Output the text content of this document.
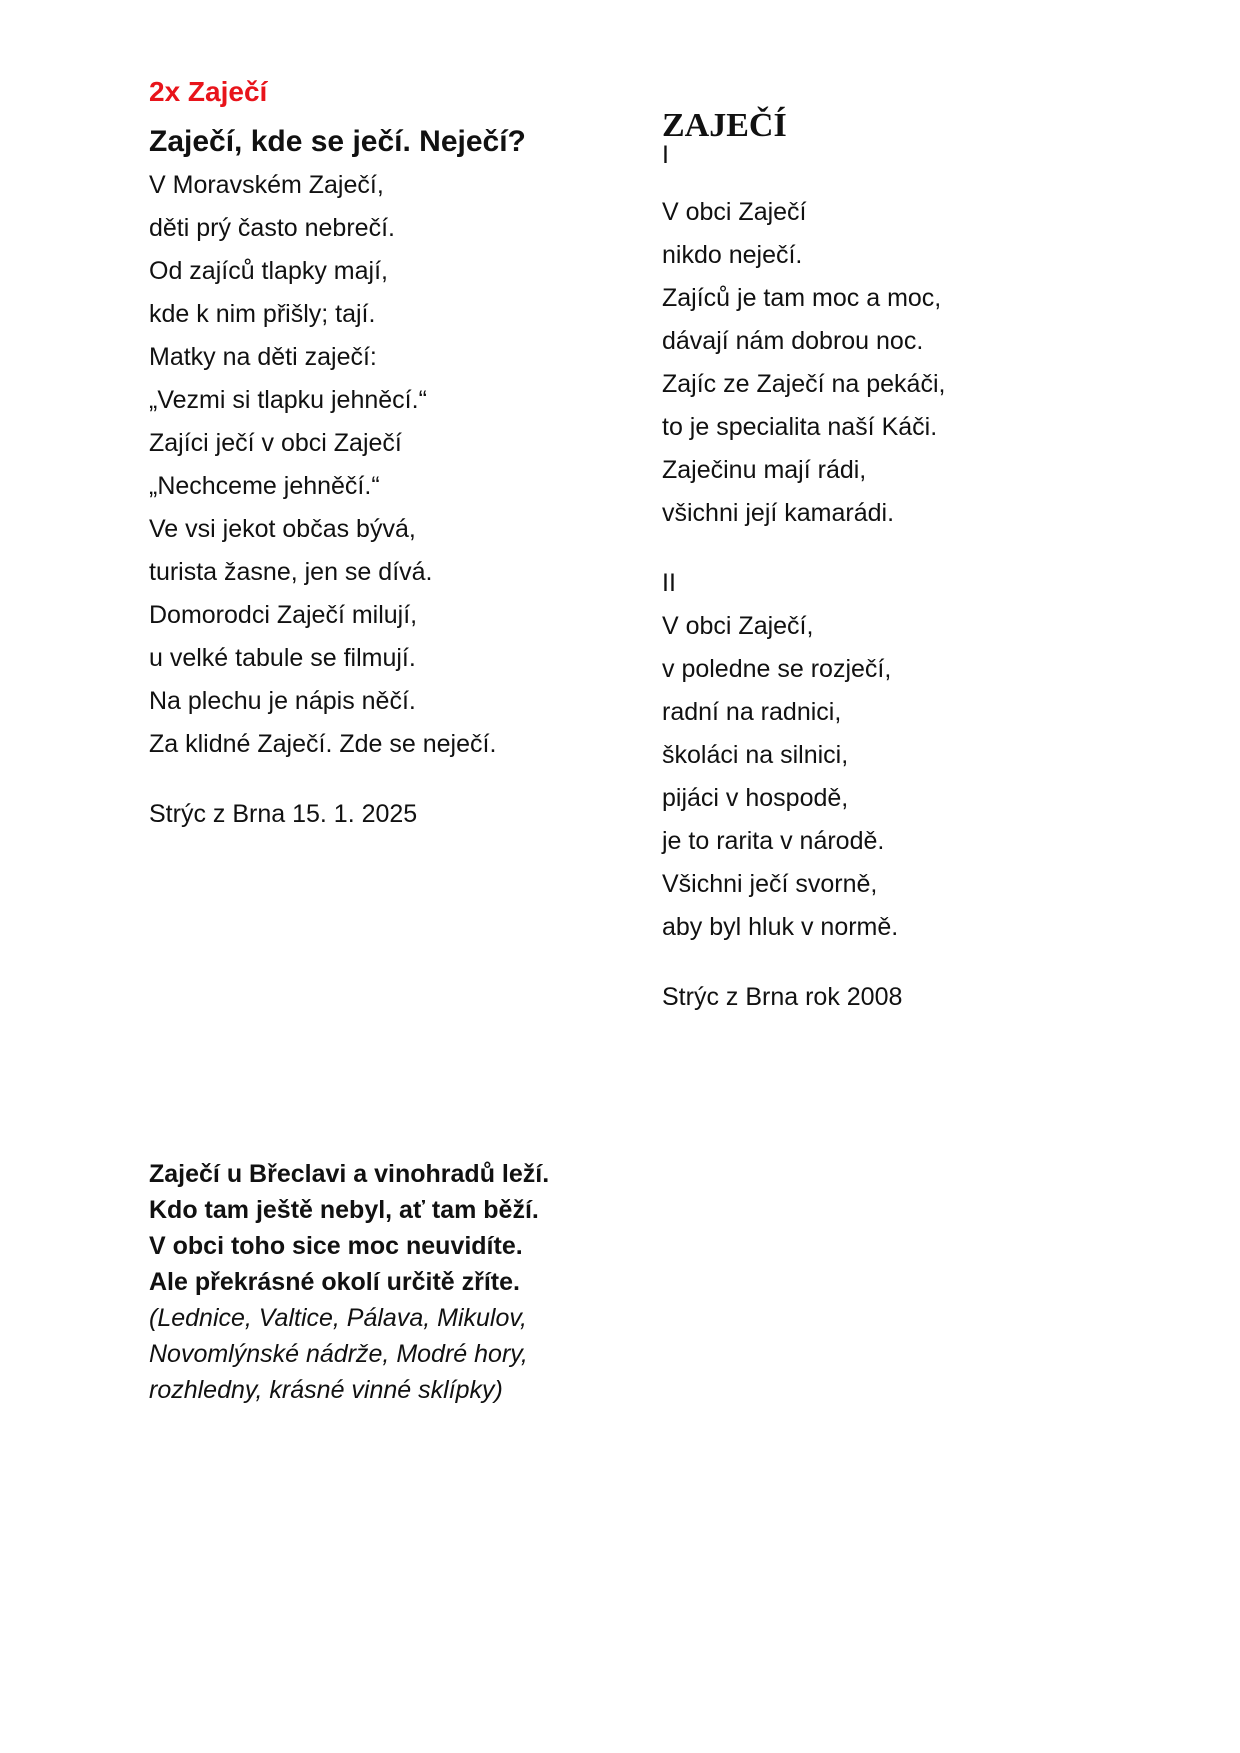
2x Zaječí
Zaječí, kde se ječí. Neječí?
V Moravském Zaječí,
děti prý často nebrečí.
Od zajíců tlapky mají,
kde k nim přišly; tají.
Matky na děti zaječí:
„Vezmi si tlapku jehněcí.“
Zajíci ječí v obci Zaječí
„Nechceme jehněčí.“
Ve vsi jekot občas bývá,
turista žasne, jen se dívá.
Domorodci Zaječí milují,
u velké tabule se filmují.
Na plechu je nápis něčí.
Za klidné Zaječí. Zde se neječí.
Strýc z Brna 15. 1. 2025
ZAJEČÍ
I
V obci Zaječí
nikdo neječí.
Zajíců je tam moc a moc,
dávají nám dobrou noc.
Zajíc ze Zaječí na pekáči,
to je specialita naší Káči.
Zaječinu mají rádi,
všichni její kamarádi.
II
V obci Zaječí,
v poledne se rozječí,
radní na radnici,
školáci na silnici,
pijáci v hospodě,
je to rarita v národě.
Všichni ječí svorně,
aby byl hluk v normě.
Strýc z Brna rok 2008
Zaječí u Břeclavi a vinohradů leží.
Kdo tam ještě nebyl, ať tam běží.
V obci toho sice moc neuvidíte.
Ale překrásné okolí určitě zříte.
(Lednice, Valtice, Pálava, Mikulov,
Novomlýnské nádrže, Modré hory,
rozhledny, krásné vinné sklípky)
